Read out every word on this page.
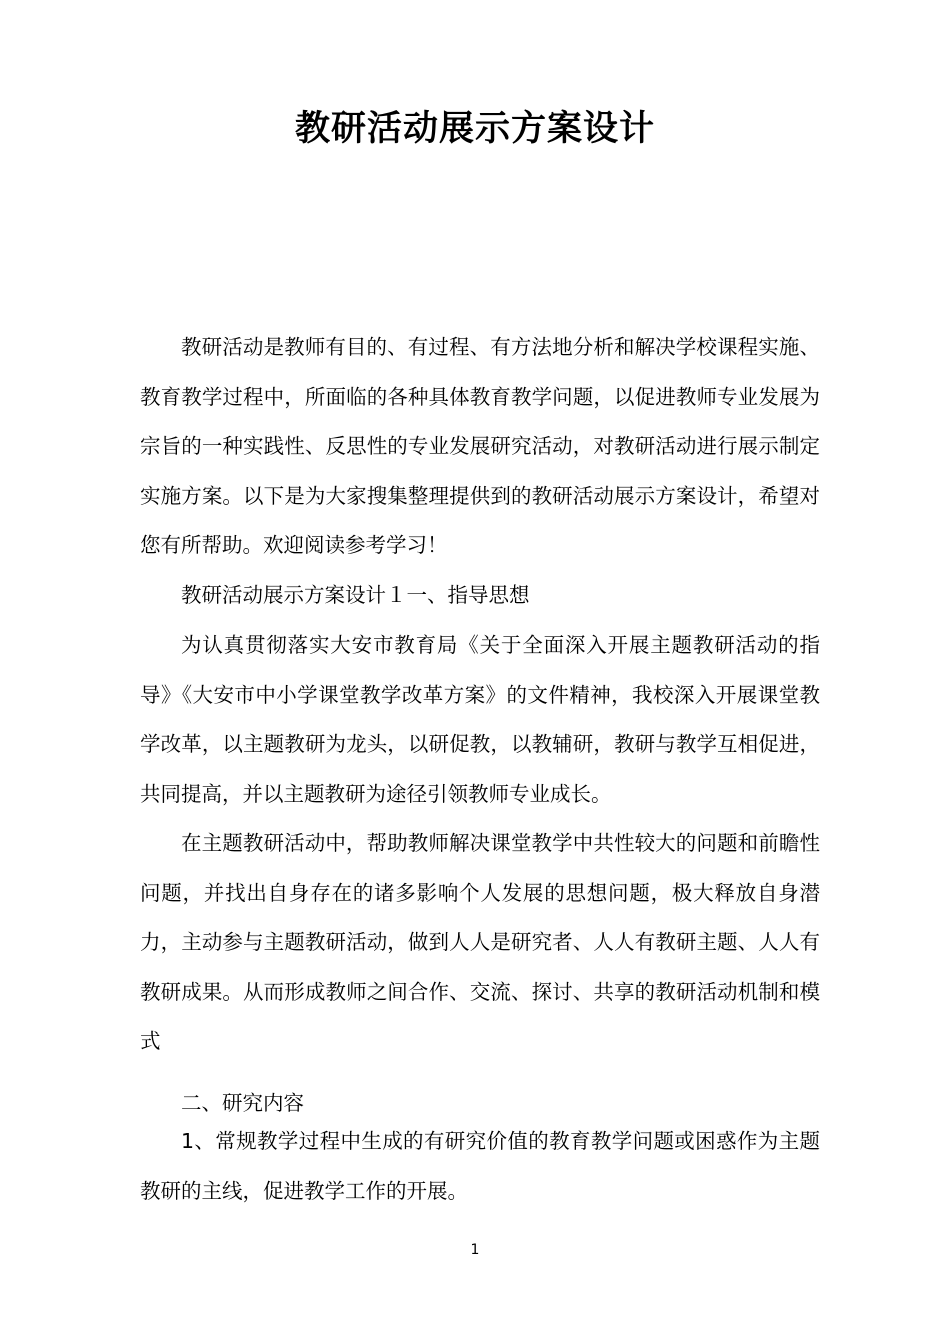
教研活动展示方案设计

教研活动是教师有目的、有过程、有方法地分析和解决学校课程实施、教育教学过程中，所面临的各种具体教育教学问题，以促进教师专业发展为宗旨的一种实践性、反思性的专业发展研究活动，对教研活动进行展示制定实施方案。以下是为大家搜集整理提供到的教研活动展示方案设计，希望对您有所帮助。欢迎阅读参考学习！

教研活动展示方案设计１一、指导思想

为认真贯彻落实大安市教育局《关于全面深入开展主题教研活动的指导》《大安市中小学课堂教学改革方案》的文件精神，我校深入开展课堂教学改革，以主题教研为龙头，以研促教，以教辅研，教研与教学互相促进，共同提高，并以主题教研为途径引领教师专业成长。

在主题教研活动中，帮助教师解决课堂教学中共性较大的问题和前瞻性问题，并找出自身存在的诸多影响个人发展的思想问题，极大释放自身潜力，主动参与主题教研活动，做到人人是研究者、人人有教研主题、人人有教研成果。从而形成教师之间合作、交流、探讨、共享的教研活动机制和模式

二、研究内容

1、常规教学过程中生成的有研究价值的教育教学问题或困惑作为主题教研的主线，促进教学工作的开展。

1
